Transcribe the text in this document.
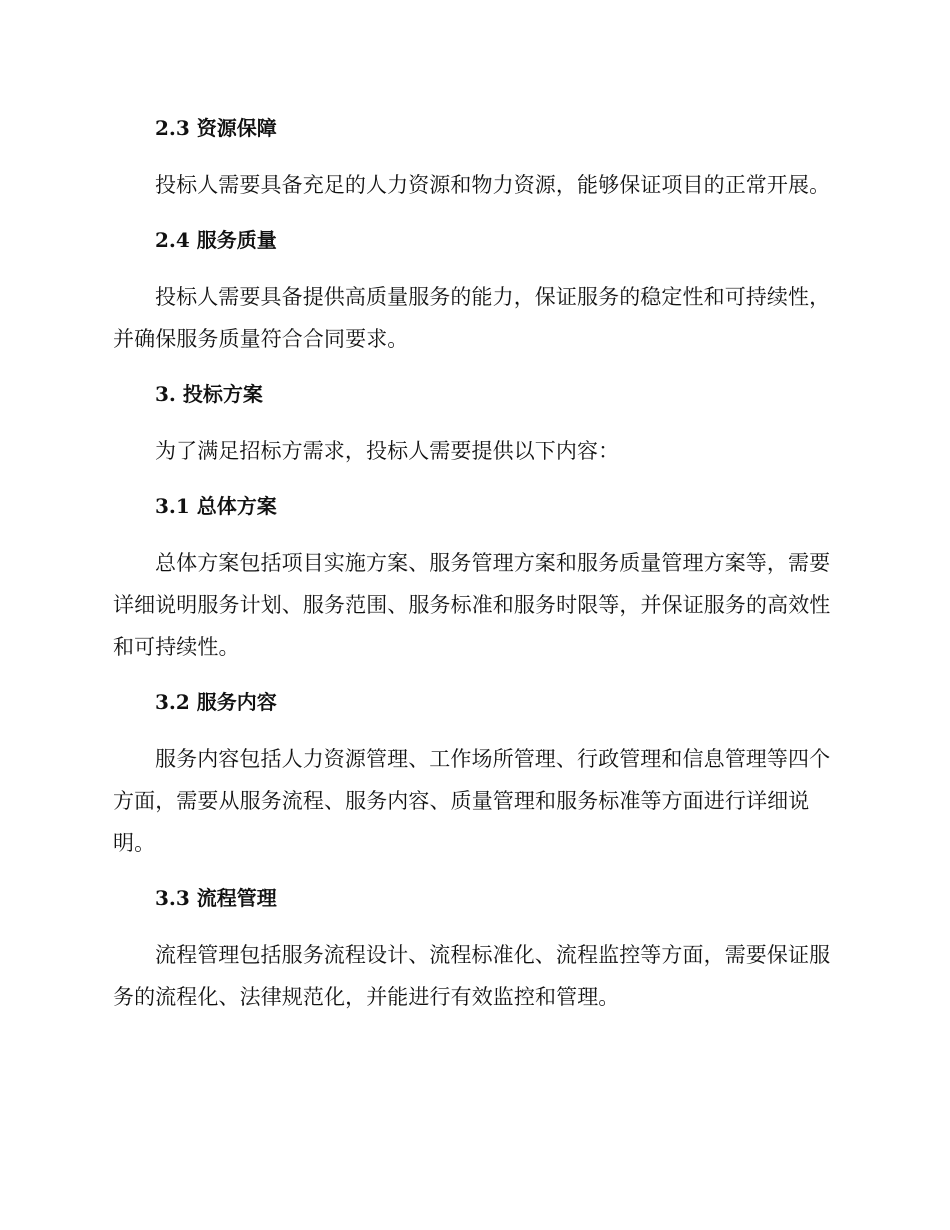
2.3 资源保障

投标人需要具备充足的人力资源和物力资源，能够保证项目的正常开展。

2.4 服务质量

投标人需要具备提供高质量服务的能力，保证服务的稳定性和可持续性，并确保服务质量符合合同要求。

3. 投标方案

为了满足招标方需求，投标人需要提供以下内容：

3.1 总体方案

总体方案包括项目实施方案、服务管理方案和服务质量管理方案等，需要详细说明服务计划、服务范围、服务标准和服务时限等，并保证服务的高效性和可持续性。

3.2 服务内容

服务内容包括人力资源管理、工作场所管理、行政管理和信息管理等四个方面，需要从服务流程、服务内容、质量管理和服务标准等方面进行详细说明。

3.3 流程管理

流程管理包括服务流程设计、流程标准化、流程监控等方面，需要保证服务的流程化、法律规范化，并能进行有效监控和管理。
